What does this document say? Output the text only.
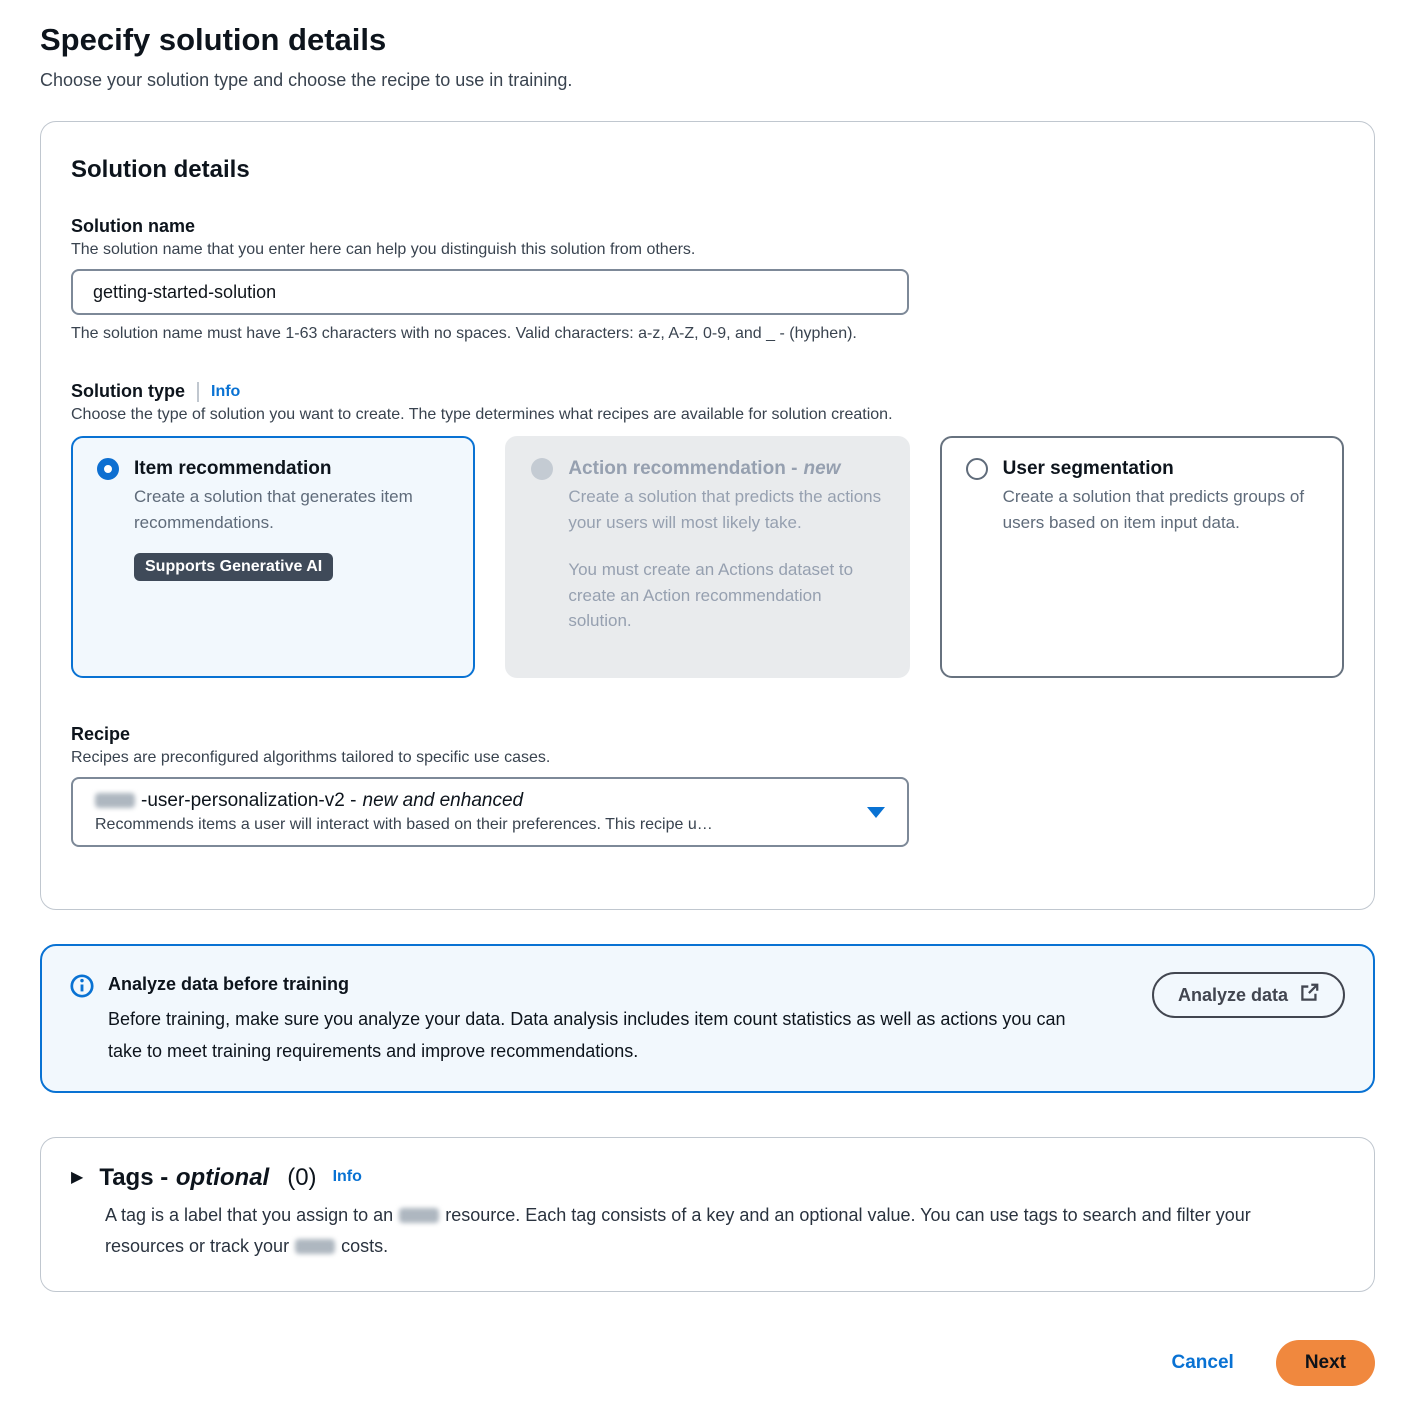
Specify solution details

Choose your solution type and choose the recipe to use in training.

Solution details
Solution name
The solution name that you enter here can help you distinguish this solution from others.
getting-started-solution
The solution name must have 1-63 characters with no spaces. Valid characters: a-z, A-Z, 0-9, and _ - (hyphen).
Solution type Info
Choose the type of solution you want to create. The type determines what recipes are available for solution creation.
Item recommendation
Create a solution that generates item recommendations.
Supports Generative AI
Action recommendation - new
Create a solution that predicts the actions your users will most likely take.
You must create an Actions dataset to create an Action recommendation solution.
User segmentation
Create a solution that predicts groups of users based on item input data.
Recipe
Recipes are preconfigured algorithms tailored to specific use cases.
-user-personalization-v2 - new and enhanced
Recommends items a user will interact with based on their preferences. This recipe u…
Analyze data before training
Before training, make sure you analyze your data. Data analysis includes item count statistics as well as actions you can take to meet training requirements and improve recommendations.
Analyze data
▶ Tags - optional (0) Info
A tag is a label that you assign to an	resource. Each tag consists of a key and an optional value. You can use tags to search and filter your resources or track your	costs.
Cancel	Next
